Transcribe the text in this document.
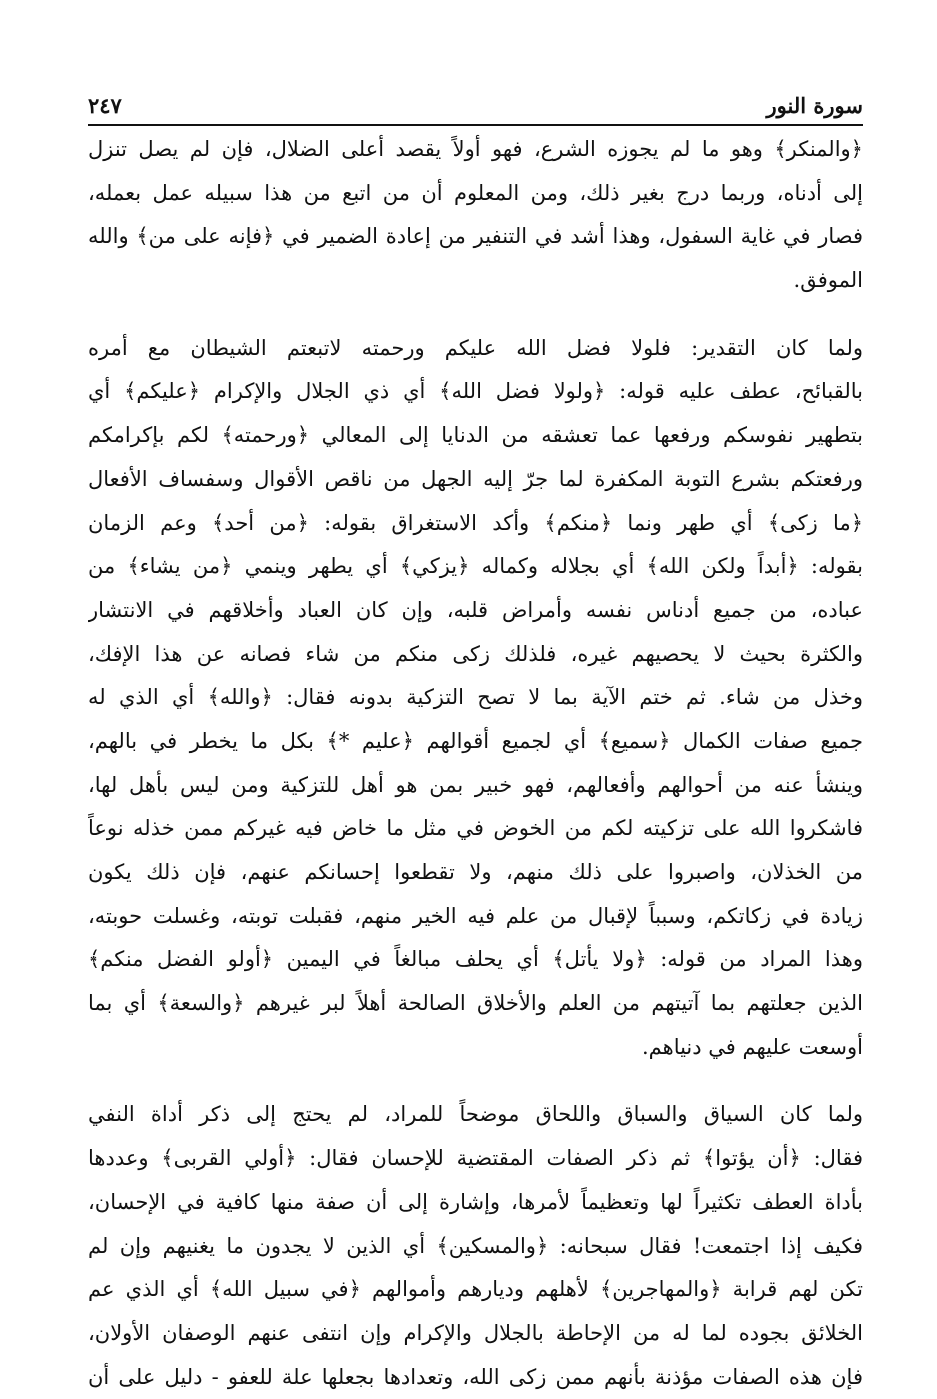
سورة النور
٢٤٧
﴿والمنكر﴾ وهو ما لم يجوزه الشرع، فهو أولاً يقصد أعلى الضلال، فإن لم يصل تنزل
إلى أدناه، وربما درج بغير ذلك، ومن المعلوم أن من اتبع من هذا سبيله عمل بعمله،
فصار في غاية السفول، وهذا أشد في التنفير من إعادة الضمير في ﴿فإنه على من﴾ والله
الموفق.
ولما كان التقدير: فلولا فضل الله عليكم ورحمته لاتبعتم الشيطان مع أمره
بالقبائح، عطف عليه قوله: ﴿ولولا فضل الله﴾ أي ذي الجلال والإكرام ﴿عليكم﴾ أي
بتطهير نفوسكم ورفعها عما تعشقه من الدنايا إلى المعالي ﴿ورحمته﴾ لكم بإكرامكم
ورفعتكم بشرع التوبة المكفرة لما جرّ إليه الجهل من ناقص الأقوال وسفساف الأفعال
﴿ما زكى﴾ أي طهر ونما ﴿منكم﴾ وأكد الاستغراق بقوله: ﴿من أحد﴾ وعم الزمان
بقوله: ﴿أبداً ولكن الله﴾ أي بجلاله وكماله ﴿يزكي﴾ أي يطهر وينمي ﴿من يشاء﴾ من
عباده، من جميع أدناس نفسه وأمراض قلبه، وإن كان العباد وأخلاقهم في الانتشار
والكثرة بحيث لا يحصيهم غيره، فلذلك زكى منكم من شاء فصانه عن هذا الإفك،
وخذل من شاء. ثم ختم الآية بما لا تصح التزكية بدونه فقال: ﴿والله﴾ أي الذي له
جميع صفات الكمال ﴿سميع﴾ أي لجميع أقوالهم ﴿عليم *﴾ بكل ما يخطر في بالهم،
وينشأ عنه من أحوالهم وأفعالهم، فهو خبير بمن هو أهل للتزكية ومن ليس بأهل لها،
فاشكروا الله على تزكيته لكم من الخوض في مثل ما خاض فيه غيركم ممن خذله نوعاً
من الخذلان، واصبروا على ذلك منهم، ولا تقطعوا إحسانكم عنهم، فإن ذلك يكون
زيادة في زكاتكم، وسبباً لإقبال من علم فيه الخير منهم، فقبلت توبته، وغسلت حوبته،
وهذا المراد من قوله: ﴿ولا يأتل﴾ أي يحلف مبالغاً في اليمين ﴿أولو الفضل منكم﴾
الذين جعلتهم بما آتيتهم من العلم والأخلاق الصالحة أهلاً لبر غيرهم ﴿والسعة﴾ أي بما
أوسعت عليهم في دنياهم.
ولما كان السياق والسباق واللحاق موضحاً للمراد، لم يحتج إلى ذكر أداة النفي
فقال: ﴿أن يؤتوا﴾ ثم ذكر الصفات المقتضية للإحسان فقال: ﴿أولي القربى﴾ وعددها
بأداة العطف تكثيراً لها وتعظيماً لأمرها، وإشارة إلى أن صفة منها كافية في الإحسان،
فكيف إذا اجتمعت! فقال سبحانه: ﴿والمسكين﴾ أي الذين لا يجدون ما يغنيهم وإن لم
تكن لهم قرابة ﴿والمهاجرين﴾ لأهلهم وديارهم وأموالهم ﴿في سبيل الله﴾ أي الذي عم
الخلائق بجوده لما له من الإحاطة بالجلال والإكرام وإن انتفى عنهم الوصفان الأولان،
فإن هذه الصفات مؤذنة بأنهم ممن زكى الله، وتعدادها بجعلها علة للعفو - دليل على أن
